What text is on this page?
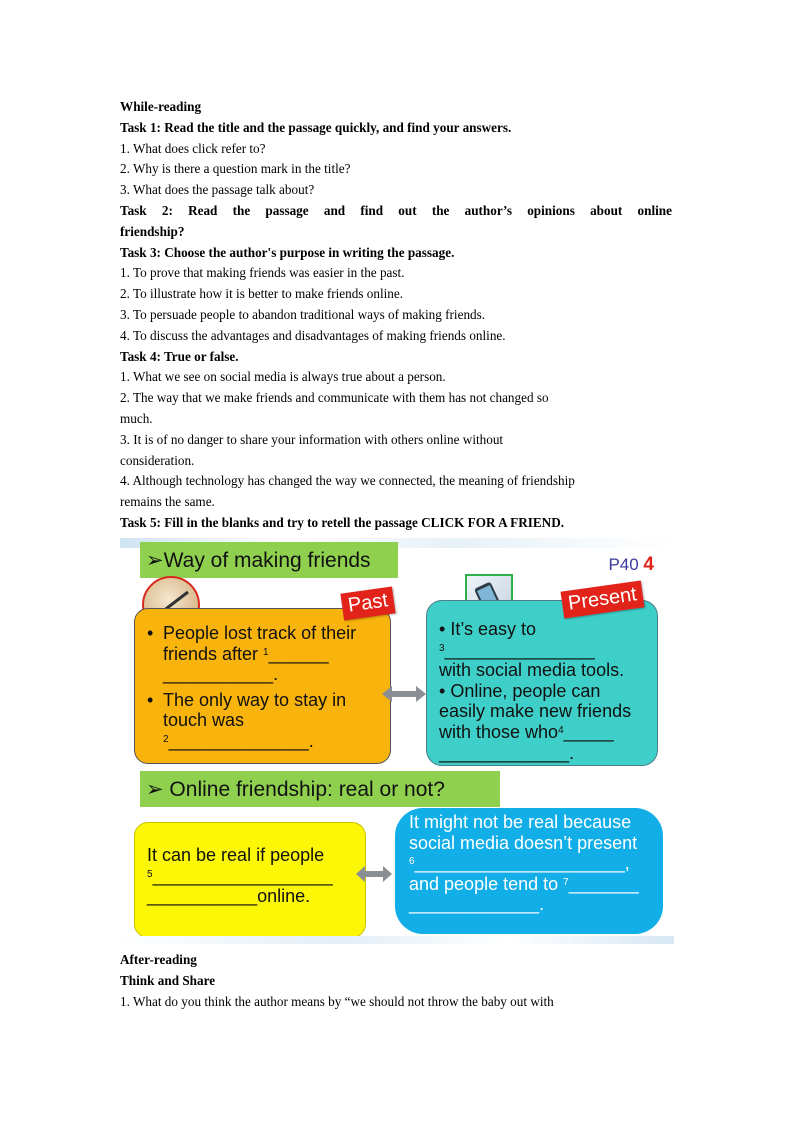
While-reading
Task 1: Read the title and the passage quickly, and find your answers.
1. What does click refer to?
2. Why is there a question mark in the title?
3. What does the passage talk about?
Task 2: Read the passage and find out the author’s opinions about online
friendship?
Task 3: Choose the author's purpose in writing the passage.
1. To prove that making friends was easier in the past.
2. To illustrate how it is better to make friends online.
3. To persuade people to abandon traditional ways of making friends.
4. To discuss the advantages and disadvantages of making friends online.
Task 4: True or false.
1. What we see on social media is always true about a person.
2. The way that we make friends and communicate with them has not changed so
much.
3. It is of no danger to share your information with others online without
consideration.
4. Although technology has changed the way we connected, the meaning of friendship
remains the same.
Task 5: Fill in the blanks and try to retell the passage CLICK FOR A FRIEND.
➢Way of making friends	P40 4
• People lost track of their
friends after $^1$______
___________.
• The only way to stay in
touch was
$^2$______________.
Past
• It’s easy to
$^3$_______________
with social media tools.
• Online, people can
easily make new friends
with those who$^4$_____
_____________.
Present
➢ Online friendship: real or not?
It can be real if people
$^5$__________________
___________online.
It might not be real because
social media doesn’t present
$^6$_____________________,
and people tend to $^7$_______
_____________.
After-reading
Think and Share
1. What do you think the author means by “we should not throw the baby out with
